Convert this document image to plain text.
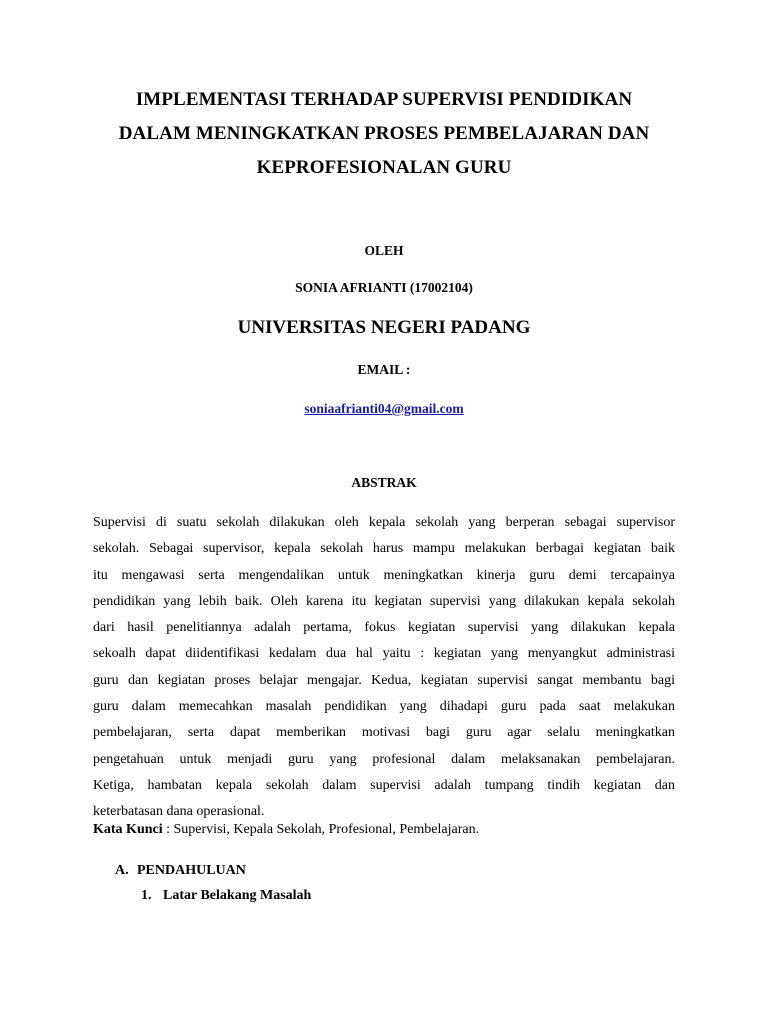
IMPLEMENTASI TERHADAP SUPERVISI PENDIDIKAN
DALAM MENINGKATKAN PROSES PEMBELAJARAN DAN
KEPROFESIONALAN GURU
OLEH
SONIA AFRIANTI (17002104)
UNIVERSITAS NEGERI PADANG
EMAIL :
soniaafrianti04@gmail.com
ABSTRAK
Supervisi di suatu sekolah dilakukan oleh kepala sekolah yang berperan sebagai supervisor
sekolah. Sebagai supervisor, kepala sekolah harus mampu melakukan berbagai kegiatan baik
itu mengawasi serta mengendalikan untuk meningkatkan kinerja guru demi tercapainya
pendidikan yang lebih baik. Oleh karena itu kegiatan supervisi yang dilakukan kepala sekolah
dari hasil penelitiannya adalah pertama, fokus kegiatan supervisi yang dilakukan kepala
sekoalh dapat diidentifikasi kedalam dua hal yaitu : kegiatan yang menyangkut administrasi
guru dan kegiatan proses belajar mengajar. Kedua, kegiatan supervisi sangat membantu bagi
guru dalam memecahkan masalah pendidikan yang dihadapi guru pada saat melakukan
pembelajaran, serta dapat memberikan motivasi bagi guru agar selalu meningkatkan
pengetahuan untuk menjadi guru yang profesional dalam melaksanakan pembelajaran.
Ketiga, hambatan kepala sekolah dalam supervisi adalah tumpang tindih kegiatan dan
keterbatasan dana operasional.
Kata Kunci : Supervisi, Kepala Sekolah, Profesional, Pembelajaran.
A. PENDAHULUAN
1. Latar Belakang Masalah
